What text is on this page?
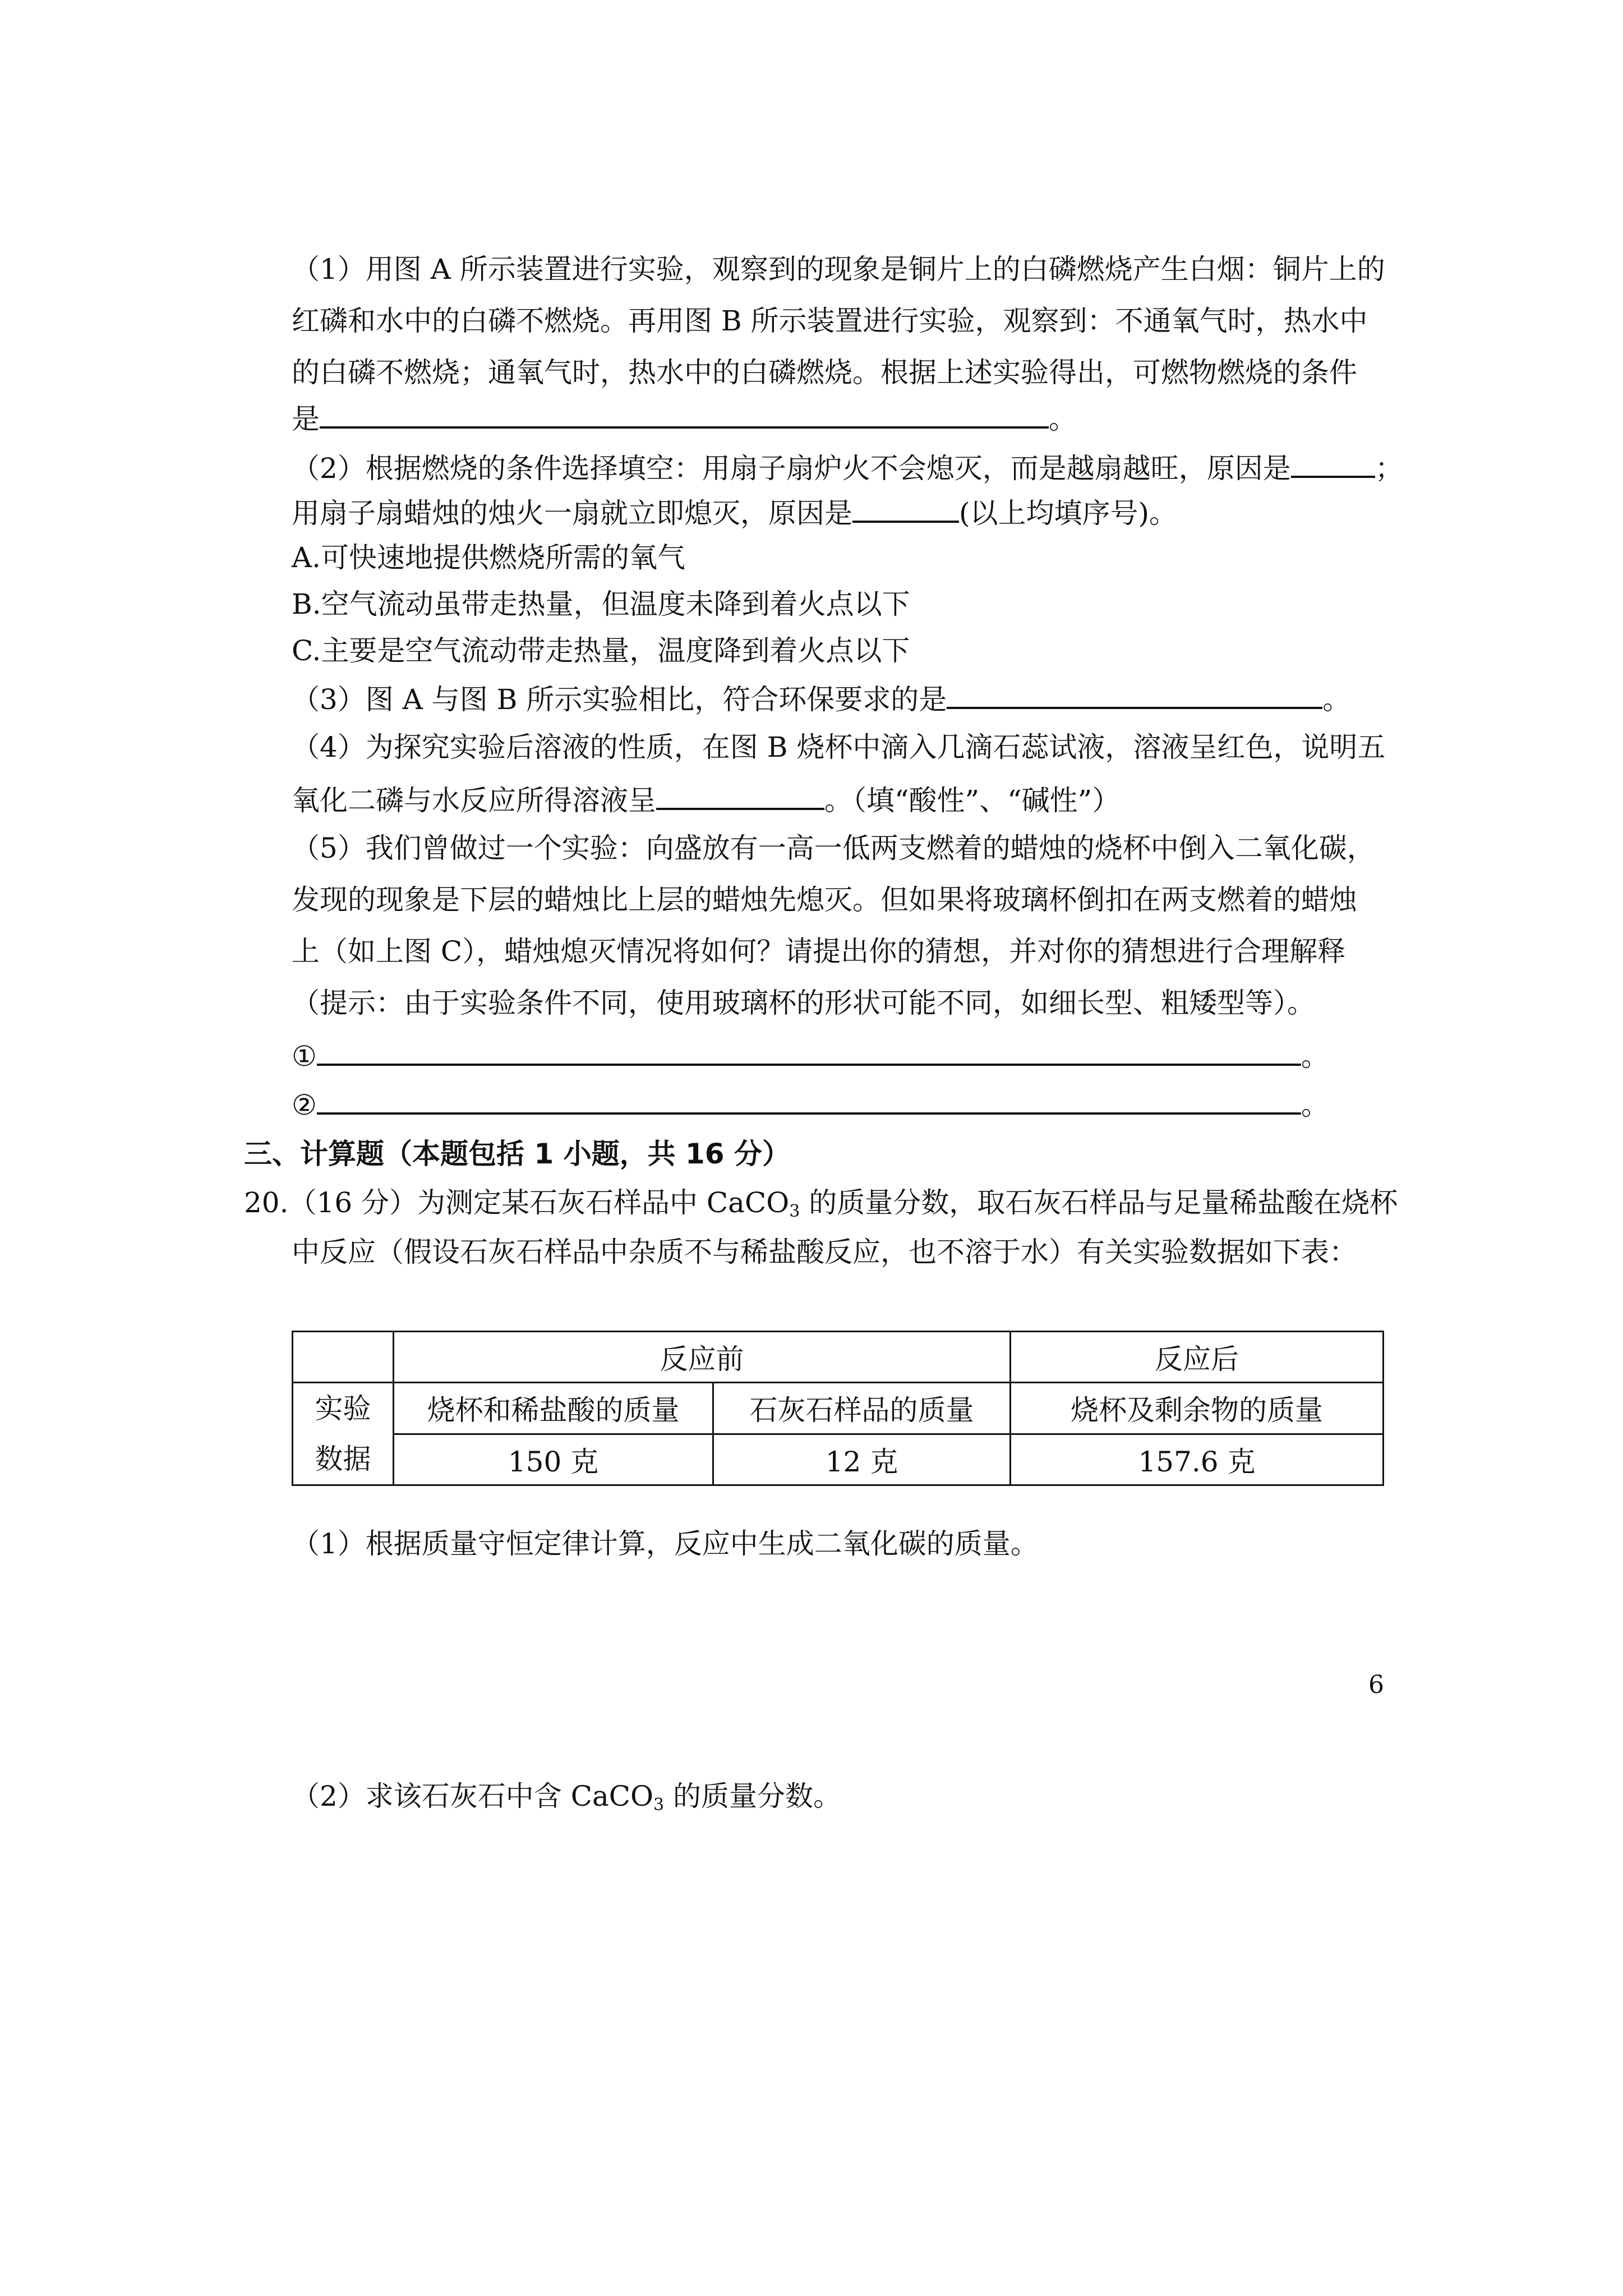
（1）用图 A 所示装置进行实验，观察到的现象是铜片上的白磷燃烧产生白烟：铜片上的
红磷和水中的白磷不燃烧。再用图 B 所示装置进行实验，观察到：不通氧气时，热水中
的白磷不燃烧；通氧气时，热水中的白磷燃烧。根据上述实验得出，可燃物燃烧的条件
是	。
（2）根据燃烧的条件选择填空：用扇子扇炉火不会熄灭，而是越扇越旺，原因是	；
用扇子扇蜡烛的烛火一扇就立即熄灭，原因是	(以上均填序号)。
A.可快速地提供燃烧所需的氧气
B.空气流动虽带走热量，但温度未降到着火点以下
C.主要是空气流动带走热量，温度降到着火点以下
（3）图 A 与图 B 所示实验相比，符合环保要求的是	。
（4）为探究实验后溶液的性质，在图 B 烧杯中滴入几滴石蕊试液，溶液呈红色，说明五
氧化二磷与水反应所得溶液呈	。（填“酸性”、“碱性”）
（5）我们曾做过一个实验：向盛放有一高一低两支燃着的蜡烛的烧杯中倒入二氧化碳，
发现的现象是下层的蜡烛比上层的蜡烛先熄灭。但如果将玻璃杯倒扣在两支燃着的蜡烛
上（如上图 C），蜡烛熄灭情况将如何？请提出你的猜想，并对你的猜想进行合理解释
（提示：由于实验条件不同，使用玻璃杯的形状可能不同，如细长型、粗矮型等）。
①	。
②	。
三、计算题（本题包括 1 小题，共 16 分）
20.（16 分）为测定某石灰石样品中 CaCO$_3$ 的质量分数，取石灰石样品与足量稀盐酸在烧杯
中反应（假设石灰石样品中杂质不与稀盐酸反应，也不溶于水）有关实验数据如下表：
	反应前		反应后

实验
数据	烧杯和稀盐酸的质量	石灰石样品的质量	烧杯及剩余物的质量
	150 克	12 克	157.6 克
（1）根据质量守恒定律计算，反应中生成二氧化碳的质量。
（2）求该石灰石中含 CaCO$_3$ 的质量分数。
6
